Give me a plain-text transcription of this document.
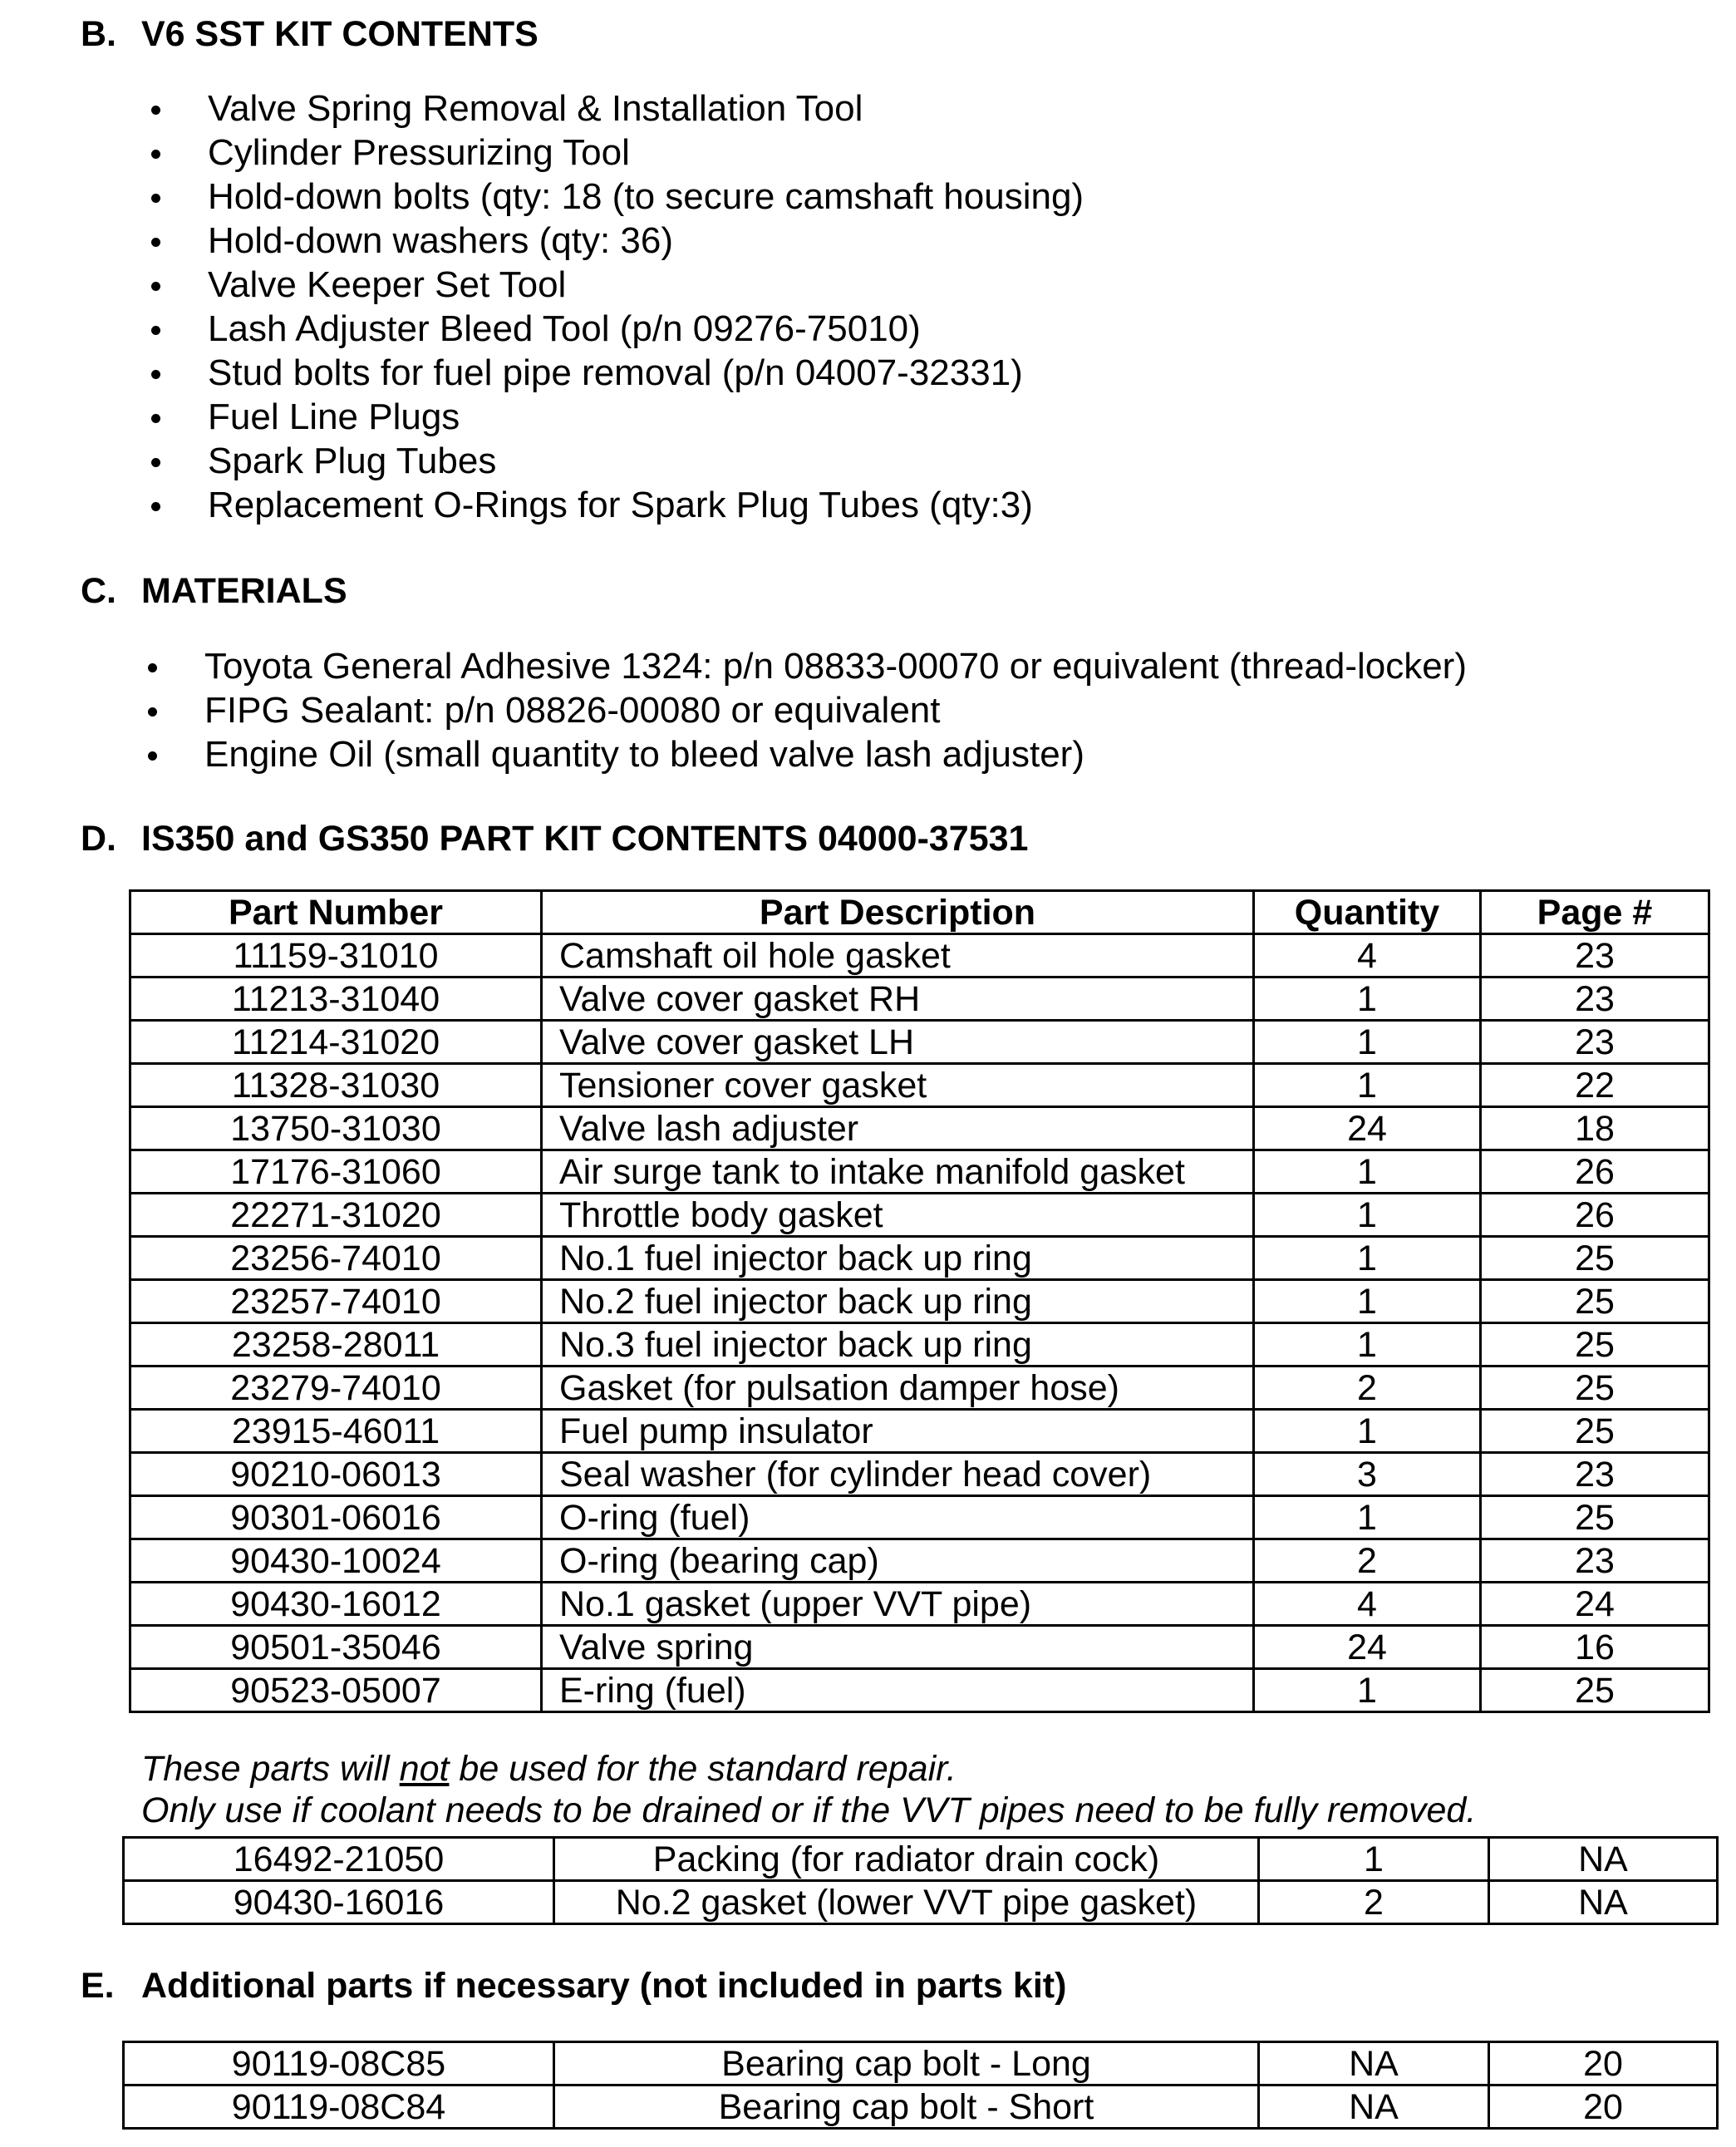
B. V6 SST KIT CONTENTS
Valve Spring Removal & Installation Tool
Cylinder Pressurizing Tool
Hold-down bolts (qty: 18 (to secure camshaft housing)
Hold-down washers (qty: 36)
Valve Keeper Set Tool
Lash Adjuster Bleed Tool (p/n 09276-75010)
Stud bolts for fuel pipe removal (p/n 04007-32331)
Fuel Line Plugs
Spark Plug Tubes
Replacement O-Rings for Spark Plug Tubes (qty:3)
C. MATERIALS
Toyota General Adhesive 1324: p/n 08833-00070 or equivalent (thread-locker)
FIPG Sealant: p/n 08826-00080 or equivalent
Engine Oil (small quantity to bleed valve lash adjuster)
D. IS350 and GS350 PART KIT CONTENTS 04000-37531
Part Number	Part Description	Quantity	Page #
11159-31010	Camshaft oil hole gasket	4	23
11213-31040	Valve cover gasket RH	1	23
11214-31020	Valve cover gasket LH	1	23
11328-31030	Tensioner cover gasket	1	22
13750-31030	Valve lash adjuster	24	18
17176-31060	Air surge tank to intake manifold gasket	1	26
22271-31020	Throttle body gasket	1	26
23256-74010	No.1 fuel injector back up ring	1	25
23257-74010	No.2 fuel injector back up ring	1	25
23258-28011	No.3 fuel injector back up ring	1	25
23279-74010	Gasket (for pulsation damper hose)	2	25
23915-46011	Fuel pump insulator	1	25
90210-06013	Seal washer (for cylinder head cover)	3	23
90301-06016	O-ring (fuel)	1	25
90430-10024	O-ring (bearing cap)	2	23
90430-16012	No.1 gasket (upper VVT pipe)	4	24
90501-35046	Valve spring	24	16
90523-05007	E-ring (fuel)	1	25
These parts will not be used for the standard repair.
Only use if coolant needs to be drained or if the VVT pipes need to be fully removed.
16492-21050	Packing (for radiator drain cock)	1	NA
90430-16016	No.2 gasket (lower VVT pipe gasket)	2	NA
E. Additional parts if necessary (not included in parts kit)
90119-08C85	Bearing cap bolt - Long	NA	20
90119-08C84	Bearing cap bolt - Short	NA	20
